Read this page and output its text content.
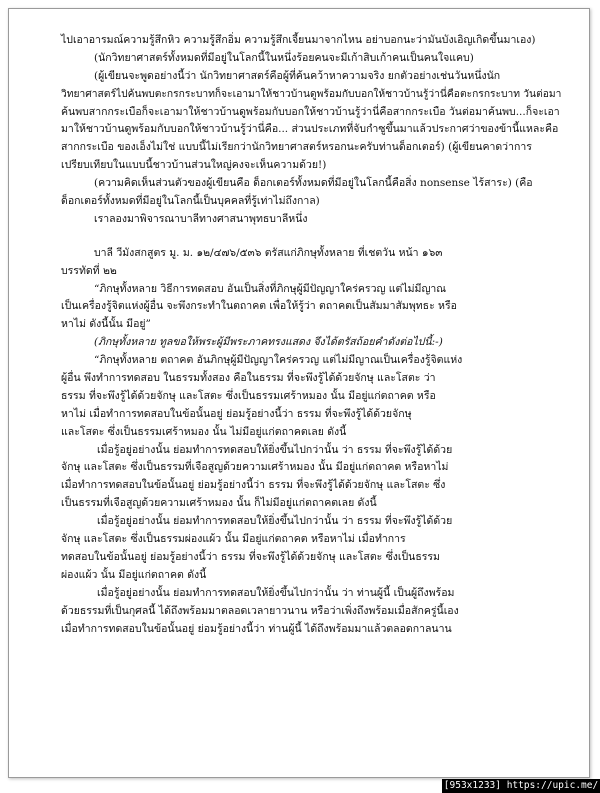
ไปเอาอารมณ์ความรู้สึกหิว ความรู้สึกอิ่ม ความรู้สึกเจี้ยนมาจากไหน อย่าบอกนะว่ามันบังเอิญเกิดขึ้นมาเอง)
(นักวิทยาศาสตร์ทั้งหมดที่มีอยู่ในโลกนี้ในหนึ่งร้อยคนจะมีเก้าสิบเก้าคนเป็นคนใจแคบ)
(ผู้เขียนจะพูดอย่างนี้ว่า นักวิทยาศาสตร์คือผู้ที่ค้นคว้าหาความจริง ยกตัวอย่างเช่นวันหนึ่งนัก
วิทยาศาสตร์ไปค้นพบตะกรกระบาทก็จะเอามาให้ชาวบ้านดูพร้อมกับบอกให้ชาวบ้านรู้ว่านี่คือตะกรกระบาท วันต่อมา
ค้นพบสากกระเบือก็จะเอามาให้ชาวบ้านดูพร้อมกับบอกให้ชาวบ้านรู้ว่านี่คือสากกระเบือ วันต่อมาค้นพบ...ก็จะเอา
มาให้ชาวบ้านดูพร้อมกับบอกให้ชาวบ้านรู้ว่านี่คือ... ส่วนประเภทที่จับกำซูขึ้นมาแล้วประกาศว่าของข้านี้แหละคือ
สากกระเบือ ของเอ็งไม่ใช่ แบบนี้ไม่เรียกว่านักวิทยาศาสตร์หรอกนะครับท่านด็อกเตอร์) (ผู้เขียนคาดว่าการ
เปรียบเทียบในแบบนี้ชาวบ้านส่วนใหญ่คงจะเห็นความด้วย!)
(ความคิดเห็นส่วนตัวของผู้เขียนคือ ด็อกเตอร์ทั้งหมดที่มีอยู่ในโลกนี้คือสิ่ง nonsense ไร้สาระ) (คือ
ด็อกเตอร์ทั้งหมดที่มีอยู่ในโลกนี้เป็นบุคคลที่รู้เท่าไม่ถึงกาล)
เราลองมาพิจารณาบาลีทางศาสนาพุทธบาลีหนึ่ง
บาลี วีมังสกสูตร มู. ม. ๑๒/๔๗๖/๕๓๖ ตรัสแก่ภิกษุทั้งหลาย ที่เชตวัน หน้า ๑๖๓
บรรทัดที่ ๒๒
“ภิกษุทั้งหลาย วิธีการทดสอบ อันเป็นสิ่งที่ภิกษุผู้มีปัญญาใคร่ครวญ แต่ไม่มีญาณ
เป็นเครื่องรู้จิตแห่งผู้อื่น จะพึงกระทำในตถาคต เพื่อให้รู้ว่า ตถาคตเป็นสัมมาสัมพุทธะ หรือ
หาไม่ ดังนี้นั้น มีอยู่”
(ภิกษุทั้งหลาย ทูลขอให้พระผู้มีพระภาคทรงแสดง จึงได้ตรัสถ้อยคำดังต่อไปนี้:-)
“ภิกษุทั้งหลาย ตถาคต อันภิกษุผู้มีปัญญาใคร่ครวญ แต่ไม่มีญาณเป็นเครื่องรู้จิตแห่ง
ผู้อื่น พึงทำการทดสอบ ในธรรมทั้งสอง คือในธรรม ที่จะพึงรู้ได้ด้วยจักษุ และโสตะ ว่า
ธรรม ที่จะพึงรู้ได้ด้วยจักษุ และโสตะ ซึ่งเป็นธรรมเศร้าหมอง นั้น มีอยู่แก่ตถาคต หรือ
หาไม่ เมื่อทำการทดสอบในข้อนั้นอยู่ ย่อมรู้อย่างนี้ว่า ธรรม ที่จะพึงรู้ได้ด้วยจักษุ
และโสตะ ซึ่งเป็นธรรมเศร้าหมอง นั้น ไม่มีอยู่แก่ตถาคตเลย ดังนี้
เมื่อรู้อยู่อย่างนั้น ย่อมทำการทดสอบให้ยิ่งขึ้นไปกว่านั้น ว่า ธรรม ที่จะพึงรู้ได้ด้วย
จักษุ และโสตะ ซึ่งเป็นธรรมที่เจือสูญด้วยความเศร้าหมอง นั้น มีอยู่แก่ตถาคต หรือหาไม่
เมื่อทำการทดสอบในข้อนั้นอยู่ ย่อมรู้อย่างนี้ว่า ธรรม ที่จะพึงรู้ได้ด้วยจักษุ และโสตะ ซึ่ง
เป็นธรรมที่เจือสูญด้วยความเศร้าหมอง นั้น ก็ไม่มีอยู่แก่ตถาคตเลย ดังนี้
เมื่อรู้อยู่อย่างนั้น ย่อมทำการทดสอบให้ยิ่งขึ้นไปกว่านั้น ว่า ธรรม ที่จะพึงรู้ได้ด้วย
จักษุ และโสตะ ซึ่งเป็นธรรมผ่องแผ้ว นั้น มีอยู่แก่ตถาคต หรือหาไม่ เมื่อทำการ
ทดสอบในข้อนั้นอยู่ ย่อมรู้อย่างนี้ว่า ธรรม ที่จะพึงรู้ได้ด้วยจักษุ และโสตะ ซึ่งเป็นธรรม
ผ่องแผ้ว นั้น มีอยู่แก่ตถาคต ดังนี้
เมื่อรู้อยู่อย่างนั้น ย่อมทำการทดสอบให้ยิ่งขึ้นไปกว่านั้น ว่า ท่านผู้นี้ เป็นผู้ถึงพร้อม
ด้วยธรรมที่เป็นกุศลนี้ ได้ถึงพร้อมมาตลอดเวลายาวนาน หรือว่าเพิ่งถึงพร้อมเมื่อสักครู่นี้เอง
เมื่อทำการทดสอบในข้อนั้นอยู่ ย่อมรู้อย่างนี้ว่า ท่านผู้นี้ ได้ถึงพร้อมมาแล้วตลอดกาลนาน
[953x1233] https://upic.me/
